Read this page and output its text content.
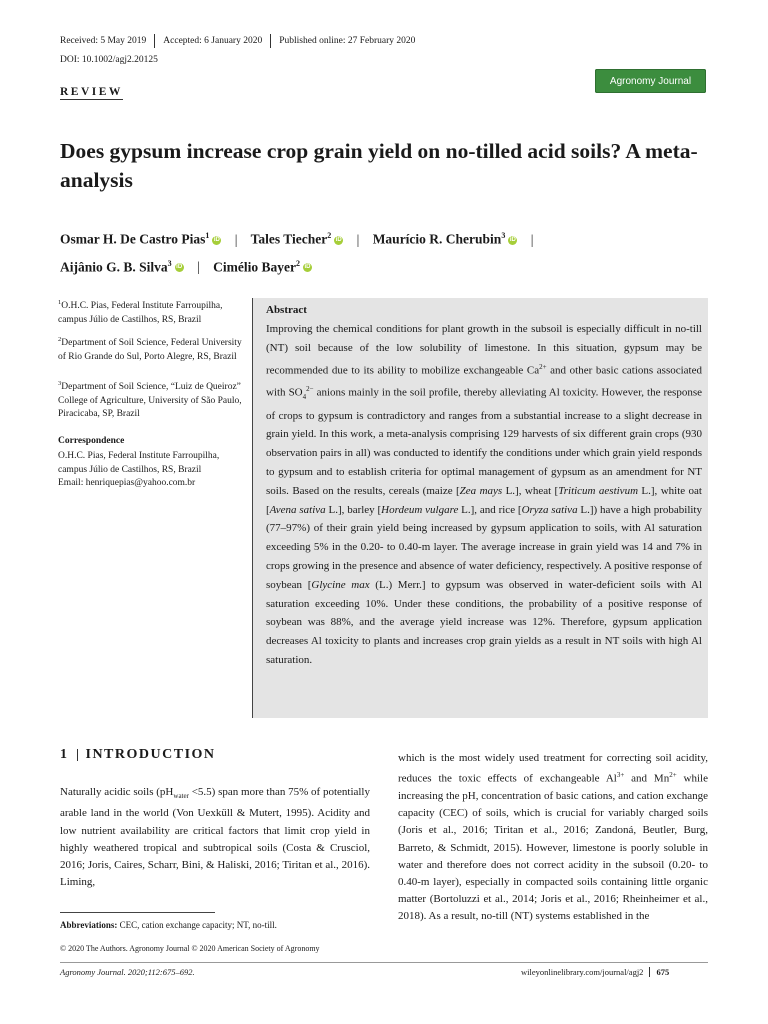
Received: 5 May 2019 Accepted: 6 January 2020 Published online: 27 February 2020
DOI: 10.1002/agj2.20125
Agronomy Journal
REVIEW
Does gypsum increase crop grain yield on no-tilled acid soils? A meta-analysis
Osmar H. De Castro Pias$^1$ iD | Tales Tiecher$^2$ iD | Maurício R. Cherubin$^3$ iD |
Aijânio G. B. Silva$^3$ iD | Cimélio Bayer$^2$ iD
$^1$O.H.C. Pias, Federal Institute Farroupilha, campus Júlio de Castilhos, RS, Brazil
$^2$Department of Soil Science, Federal University of Rio Grande do Sul, Porto Alegre, RS, Brazil
$^3$Department of Soil Science, “Luiz de Queiroz” College of Agriculture, University of São Paulo, Piracicaba, SP, Brazil
Correspondence
O.H.C. Pias, Federal Institute Farroupilha, campus Júlio de Castilhos, RS, Brazil
Email: henriquepias@yahoo.com.br
Abstract
Improving the chemical conditions for plant growth in the subsoil is especially difficult in no-till (NT) soil because of the low solubility of limestone. In this situation, gypsum may be recommended due to its ability to mobilize exchangeable $Ca^{2+}$ and other basic cations associated with $SO_4^{2-}$ anions mainly in the soil profile, thereby alleviating Al toxicity. However, the response of crops to gypsum is contradictory and ranges from a substantial increase to a slight decrease in grain yield. In this work, a meta-analysis comprising 129 harvests of six different grain crops (930 observation pairs in all) was conducted to identify the conditions under which grain yield responds to gypsum and to establish criteria for optimal management of gypsum as an amendment for NT soils. Based on the results, cereals (maize [Zea mays L.], wheat [Triticum aestivum L.], white oat [Avena sativa L.], barley [Hordeum vulgare L.], and rice [Oryza sativa L.]) have a high probability (77–97%) of their grain yield being increased by gypsum application to soils, with Al saturation exceeding 5% in the 0.20- to 0.40-m layer. The average increase in grain yield was 14 and 7% in crops growing in the presence and absence of water deficiency, respectively. A positive response of soybean [Glycine max (L.) Merr.] to gypsum was observed in water-deficient soils with Al saturation exceeding 10%. Under these conditions, the probability of a positive response of soybean was 88%, and the average yield increase was 12%. Therefore, gypsum application decreases Al toxicity to plants and increases crop grain yields as a result in NT soils with high Al saturation.
1 INTRODUCTION
Naturally acidic soils $(pH_{water} <5.5)$ span more than 75% of potentially arable land in the world (Von Uexküll & Mutert, 1995). Acidity and low nutrient availability are critical factors that limit crop yield in highly weathered tropical and subtropical soils (Costa & Crusciol, 2016; Joris, Caires, Scharr, Bini, & Haliski, 2016; Tiritan et al., 2016). Liming,
which is the most widely used treatment for correcting soil acidity, reduces the toxic effects of exchangeable $Al^{3+}$ and $Mn^{2+}$ while increasing the pH, concentration of basic cations, and cation exchange capacity (CEC) of soils, which is crucial for variably charged soils (Joris et al., 2016; Tiritan et al., 2016; Zandoná, Beutler, Burg, Barreto, & Schmidt, 2015). However, limestone is poorly soluble in water and therefore does not correct acidity in the subsoil (0.20- to 0.40-m layer), especially in compacted soils containing little organic matter (Bortoluzzi et al., 2014; Joris et al., 2016; Rheinheimer et al., 2018). As a result, no-till (NT) systems established in the
Abbreviations: CEC, cation exchange capacity; NT, no-till.
© 2020 The Authors. Agronomy Journal © 2020 American Society of Agronomy
Agronomy Journal. 2020;112:675–692.	wileyonlinelibrary.com/journal/agj2 675
